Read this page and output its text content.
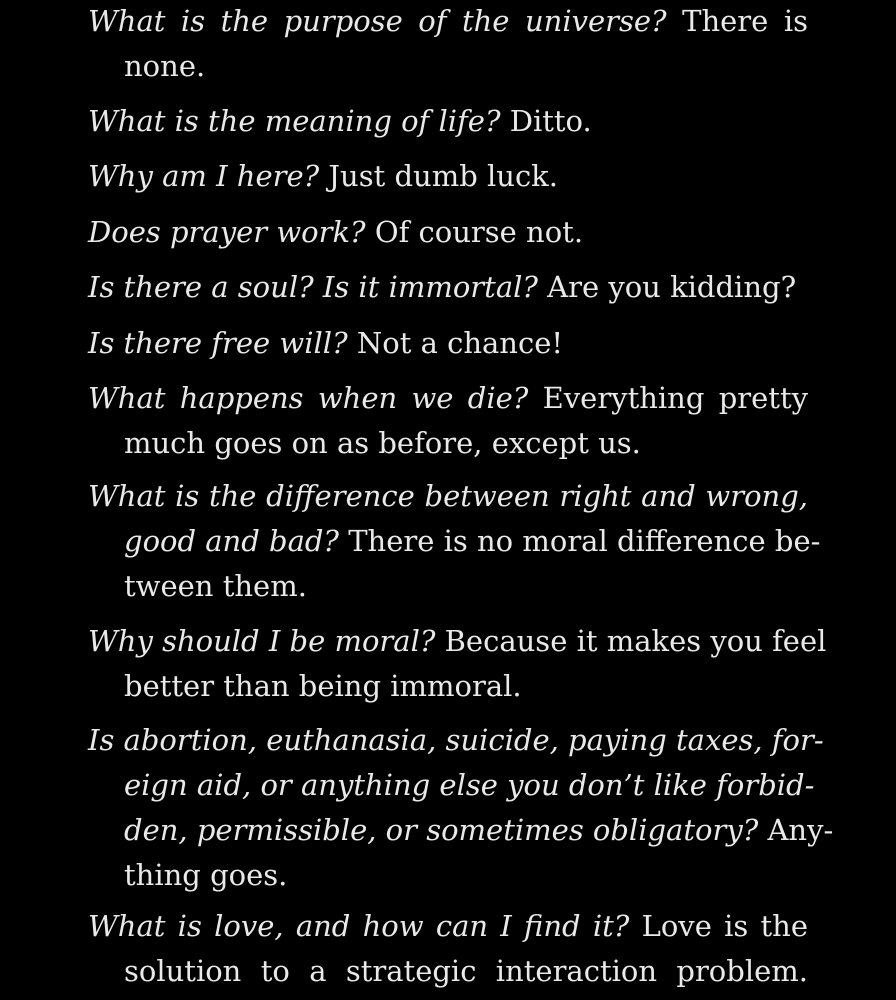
What is the purpose of the universe? There is
none.
What is the meaning of life? Ditto.
Why am I here? Just dumb luck.
Does prayer work? Of course not.
Is there a soul? Is it immortal? Are you kidding?
Is there free will? Not a chance!
What happens when we die? Everything pretty
much goes on as before, except us.
What is the difference between right and wrong,
good and bad? There is no moral difference be-
tween them.
Why should I be moral? Because it makes you feel
better than being immoral.
Is abortion, euthanasia, suicide, paying taxes, for-
eign aid, or anything else you don’t like forbid-
den, permissible, or sometimes obligatory? Any-
thing goes.
What is love, and how can I find it? Love is the
solution to a strategic interaction problem.
